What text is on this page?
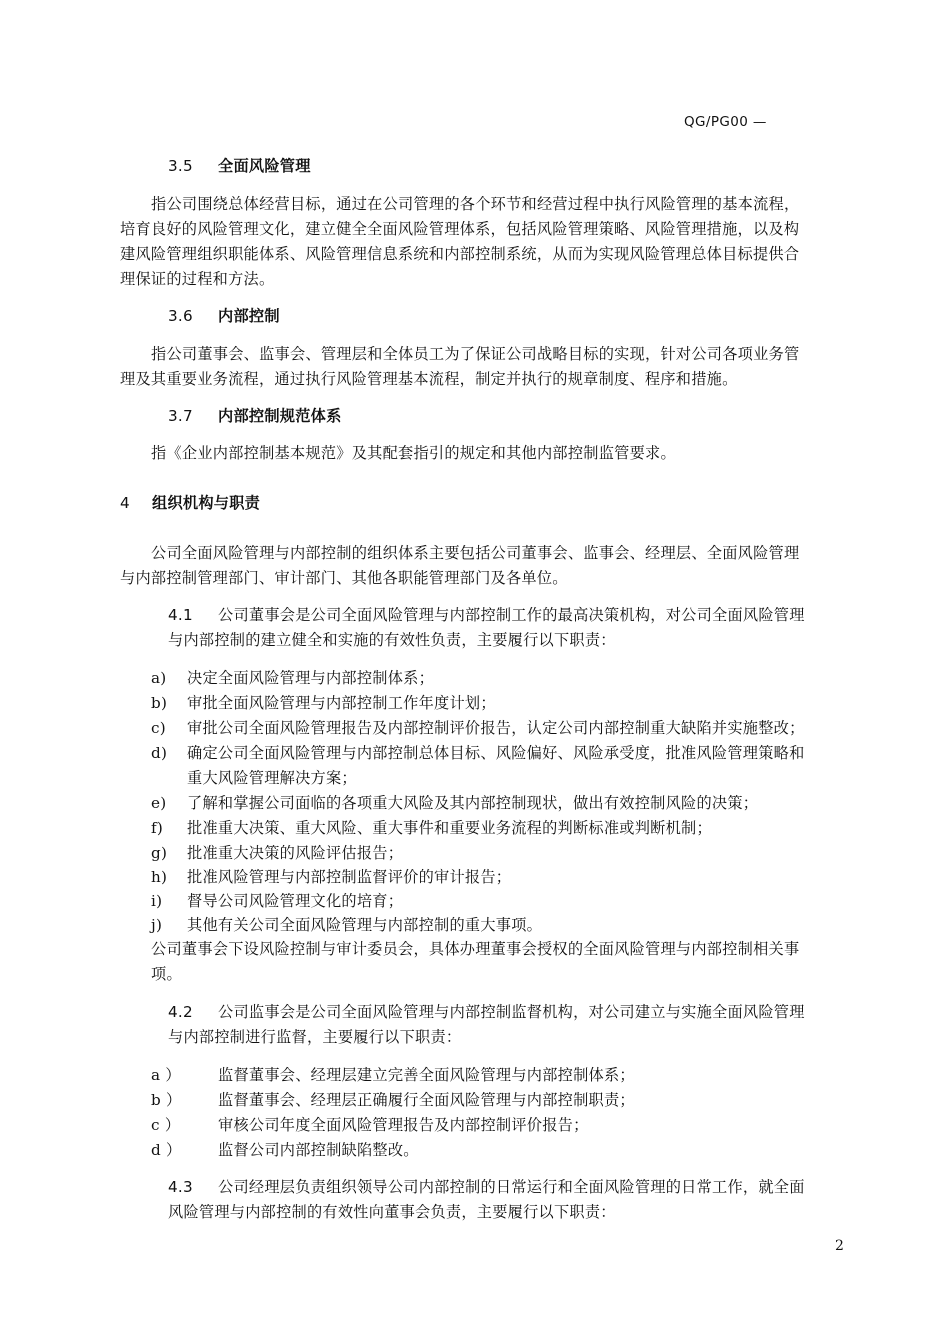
QG/PG00 —
3.5 全面风险管理

指公司围绕总体经营目标，通过在公司管理的各个环节和经营过程中执行风险管理的基本流程，

培育良好的风险管理文化，建立健全全面风险管理体系，包括风险管理策略、风险管理措施，以及构

建风险管理组织职能体系、风险管理信息系统和内部控制系统，从而为实现风险管理总体目标提供合

理保证的过程和方法。

3.6 内部控制

指公司董事会、监事会、管理层和全体员工为了保证公司战略目标的实现，针对公司各项业务管

理及其重要业务流程，通过执行风险管理基本流程，制定并执行的规章制度、程序和措施。

3.7 内部控制规范体系

指《企业内部控制基本规范》及其配套指引的规定和其他内部控制监管要求。

4 组织机构与职责

公司全面风险管理与内部控制的组织体系主要包括公司董事会、监事会、经理层、全面风险管理

与内部控制管理部门、审计部门、其他各职能管理部门及各单位。

4.1 公司董事会是公司全面风险管理与内部控制工作的最高决策机构，对公司全面风险管理

与内部控制的建立健全和实施的有效性负责，主要履行以下职责：

a) 决定全面风险管理与内部控制体系；
b) 审批全面风险管理与内部控制工作年度计划；
c) 审批公司全面风险管理报告及内部控制评价报告，认定公司内部控制重大缺陷并实施整改；
d) 确定公司全面风险管理与内部控制总体目标、风险偏好、风险承受度，批准风险管理策略和

重大风险管理解决方案；

e) 了解和掌握公司面临的各项重大风险及其内部控制现状，做出有效控制风险的决策；
f) 批准重大决策、重大风险、重大事件和重要业务流程的判断标准或判断机制；
g) 批准重大决策的风险评估报告；
h) 批准风险管理与内部控制监督评价的审计报告；
i) 督导公司风险管理文化的培育；
j) 其他有关公司全面风险管理与内部控制的重大事项。

公司董事会下设风险控制与审计委员会，具体办理董事会授权的全面风险管理与内部控制相关事

项。

4.2 公司监事会是公司全面风险管理与内部控制监督机构，对公司建立与实施全面风险管理

与内部控制进行监督，主要履行以下职责：

a ） 监督董事会、经理层建立完善全面风险管理与内部控制体系；
b ） 监督董事会、经理层正确履行全面风险管理与内部控制职责；
c ） 审核公司年度全面风险管理报告及内部控制评价报告；
d ） 监督公司内部控制缺陷整改。
4.3 公司经理层负责组织领导公司内部控制的日常运行和全面风险管理的日常工作，就全面

风险管理与内部控制的有效性向董事会负责，主要履行以下职责：

2
